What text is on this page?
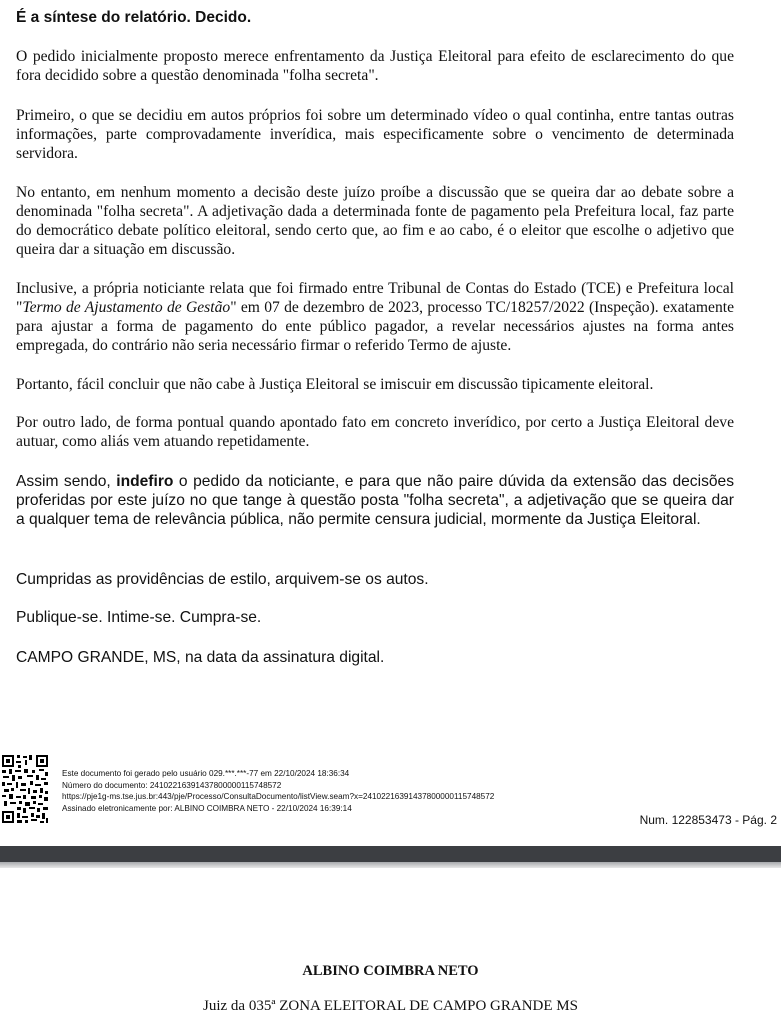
É a síntese do relatório. Decido.

O pedido inicialmente proposto merece enfrentamento da Justiça Eleitoral para efeito de esclarecimento do que fora decidido sobre a questão denominada "folha secreta".

Primeiro, o que se decidiu em autos próprios foi sobre um determinado vídeo o qual continha, entre tantas outras informações, parte comprovadamente inverídica, mais especificamente sobre o vencimento de determinada servidora.

No entanto, em nenhum momento a decisão deste juízo proíbe a discussão que se queira dar ao debate sobre a denominada "folha secreta". A adjetivação dada a determinada fonte de pagamento pela Prefeitura local, faz parte do democrático debate político eleitoral, sendo certo que, ao fim e ao cabo, é o eleitor que escolhe o adjetivo que queira dar a situação em discussão.

Inclusive, a própria noticiante relata que foi firmado entre Tribunal de Contas do Estado (TCE) e Prefeitura local "Termo de Ajustamento de Gestão" em 07 de dezembro de 2023, processo TC/18257/2022 (Inspeção). exatamente para ajustar a forma de pagamento do ente público pagador, a revelar necessários ajustes na forma antes empregada, do contrário não seria necessário firmar o referido Termo de ajuste.

Portanto, fácil concluir que não cabe à Justiça Eleitoral se imiscuir em discussão tipicamente eleitoral.

Por outro lado, de forma pontual quando apontado fato em concreto inverídico, por certo a Justiça Eleitoral deve autuar, como aliás vem atuando repetidamente.

Assim sendo, indefiro o pedido da noticiante, e para que não paire dúvida da extensão das decisões proferidas por este juízo no que tange à questão posta "folha secreta", a adjetivação que se queira dar a qualquer tema de relevância pública, não permite censura judicial, mormente da Justiça Eleitoral.

Cumpridas as providências de estilo, arquivem-se os autos.

Publique-se. Intime-se. Cumpra-se.

CAMPO GRANDE, MS, na data da assinatura digital.

Este documento foi gerado pelo usuário 029.***.***-77 em 22/10/2024 18:36:34
Número do documento: 24102216391437800000115748572
https://pje1g-ms.tse.jus.br:443/pje/Processo/ConsultaDocumento/listView.seam?x=24102216391437800000115748572
Assinado eletronicamente por: ALBINO COIMBRA NETO - 22/10/2024 16:39:14
Num. 122853473 - Pág. 2
ALBINO COIMBRA NETO
Juiz da 035ª ZONA ELEITORAL DE CAMPO GRANDE MS
